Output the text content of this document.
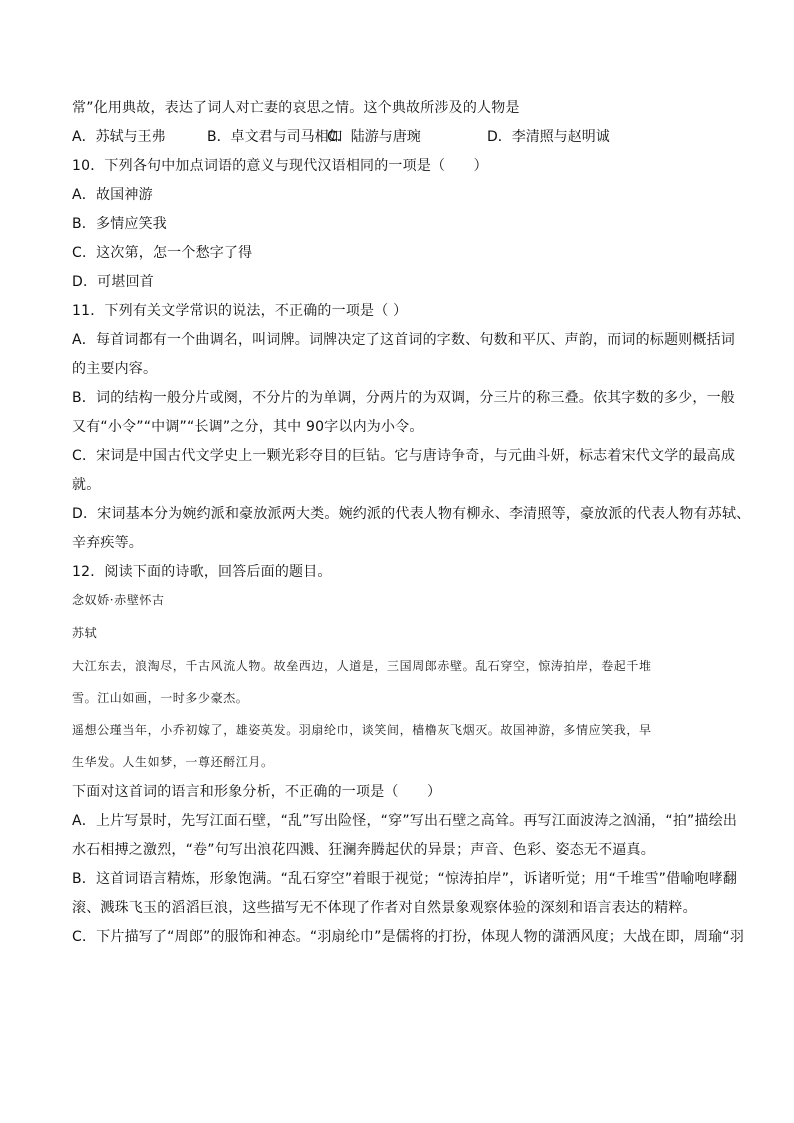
常”化用典故，表达了词人对亡妻的哀思之情。这个典故所涉及的人物是
A．苏轼与王弗	B．卓文君与司马相如
C．陆游与唐琬	D．李清照与赵明诚
10．下列各句中加点词语的意义与现代汉语相同的一项是（　　）
A．故国神游
B．多情应笑我
C．这次第，怎一个愁字了得
D．可堪回首
11．下列有关文学常识的说法，不正确的一项是（ ）
A．每首词都有一个曲调名，叫词牌。词牌决定了这首词的字数、句数和平仄、声韵，而词的标题则概括词
的主要内容。
B．词的结构一般分片或阕，不分片的为单调，分两片的为双调，分三片的称三叠。依其字数的多少，一般
又有“小令”“中调”“长调”之分，其中 90字以内为小令。
C．宋词是中国古代文学史上一颗光彩夺目的巨钻。它与唐诗争奇，与元曲斗妍，标志着宋代文学的最高成
就。
D．宋词基本分为婉约派和豪放派两大类。婉约派的代表人物有柳永、李清照等，豪放派的代表人物有苏轼、
辛弃疾等。
12．阅读下面的诗歌，回答后面的题目。
念奴娇·赤壁怀古
苏轼
大江东去，浪淘尽，千古风流人物。故垒西边，人道是，三国周郎赤壁。乱石穿空，惊涛拍岸，卷起千堆
雪。江山如画，一时多少豪杰。
遥想公瑾当年，小乔初嫁了，雄姿英发。羽扇纶巾，谈笑间，樯橹灰飞烟灭。故国神游，多情应笑我，早
生华发。人生如梦，一尊还酹江月。
下面对这首词的语言和形象分析，不正确的一项是（　　）
A．上片写景时，先写江面石壁，“乱”写出险怪，“穿”写出石壁之高耸。再写江面波涛之汹涌，“拍”描绘出
水石相搏之激烈，“卷”句写出浪花四溅、狂澜奔腾起伏的异景；声音、色彩、姿态无不逼真。
B．这首词语言精炼，形象饱满。“乱石穿空”着眼于视觉；“惊涛拍岸”，诉诸听觉；用“千堆雪”借喻咆哮翻
滚、溅珠飞玉的滔滔巨浪，这些描写无不体现了作者对自然景象观察体验的深刻和语言表达的精粹。
C．下片描写了“周郎”的服饰和神态。“羽扇纶巾”是儒将的打扮，体现人物的潇洒风度；大战在即，周瑜“羽
